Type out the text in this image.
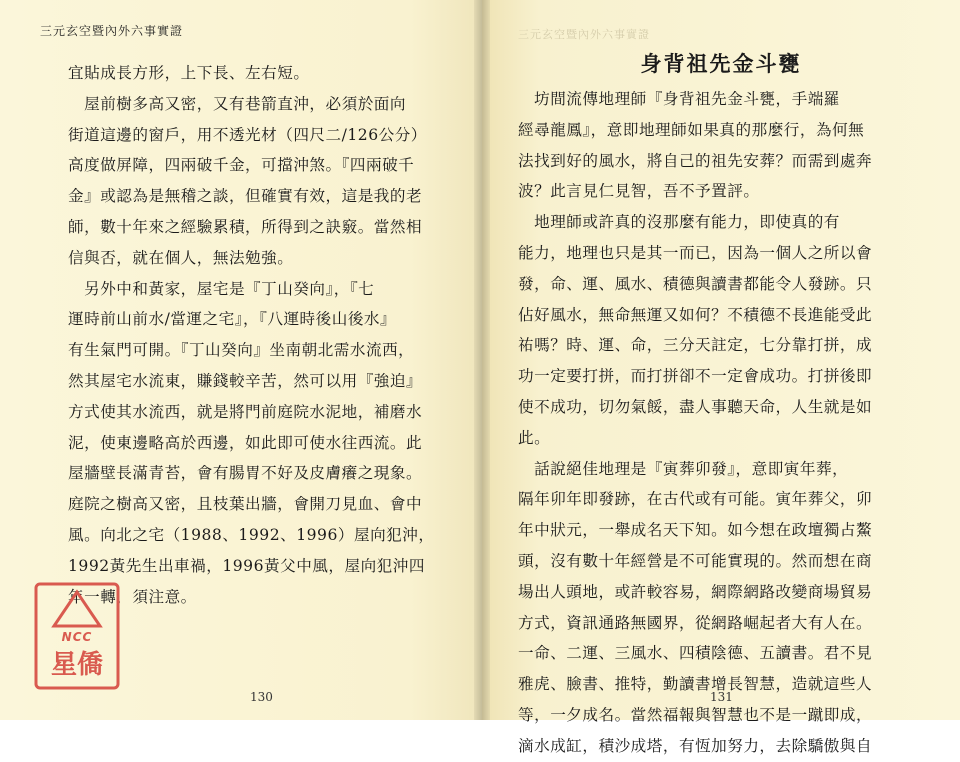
三元玄空暨內外六事實證
宜貼成長方形，上下長、左右短。
　屋前樹多高又密，又有巷箭直沖，必須於面向
街道這邊的窗戶，用不透光材（四尺二/126公分）
高度做屏障，四兩破千金，可擋沖煞。『四兩破千
金』或認為是無稽之談，但確實有效，這是我的老
師，數十年來之經驗累積，所得到之訣竅。當然相
信與否，就在個人，無法勉強。
　另外中和黃家，屋宅是『丁山癸向』，『七
運時前山前水/當運之宅』，『八運時後山後水』
有生氣門可開。『丁山癸向』坐南朝北需水流西，
然其屋宅水流東，賺錢較辛苦，然可以用『強迫』
方式使其水流西，就是將門前庭院水泥地，補磨水
泥，使東邊略高於西邊，如此即可使水往西流。此
屋牆壁長滿青苔，會有腸胃不好及皮膚癢之現象。
庭院之樹高又密，且枝葉出牆，會開刀見血、會中
風。向北之宅（1988、1992、1996）屋向犯沖，
1992黃先生出車禍，1996黃父中風，屋向犯沖四
年一轉，須注意。
130
NCC
星僑
三元玄空暨內外六事實證
身背祖先金斗甕
　坊間流傳地理師『身背祖先金斗甕，手端羅
經尋龍鳳』，意即地理師如果真的那麼行，為何無
法找到好的風水，將自己的祖先安葬？而需到處奔
波？此言見仁見智，吾不予置評。
　地理師或許真的沒那麼有能力，即使真的有
能力，地理也只是其一而已，因為一個人之所以會
發，命、運、風水、積德與讀書都能令人發跡。只
佔好風水，無命無運又如何？不積德不長進能受此
祐嗎？時、運、命，三分天註定，七分靠打拼，成
功一定要打拼，而打拼卻不一定會成功。打拼後即
使不成功，切勿氣餒，盡人事聽天命，人生就是如
此。
　話說絕佳地理是『寅葬卯發』，意即寅年葬，
隔年卯年即發跡，在古代或有可能。寅年葬父，卯
年中狀元，一舉成名天下知。如今想在政壇獨占鰲
頭，沒有數十年經營是不可能實現的。然而想在商
場出人頭地，或許較容易，網際網路改變商場貿易
方式，資訊通路無國界，從網路崛起者大有人在。
一命、二運、三風水、四積陰德、五讀書。君不見
雅虎、臉書、推特，勤讀書增長智慧，造就這些人
等，一夕成名。當然福報與智慧也不是一蹴即成，
滴水成缸，積沙成塔，有恆加努力，去除驕傲與自
131
